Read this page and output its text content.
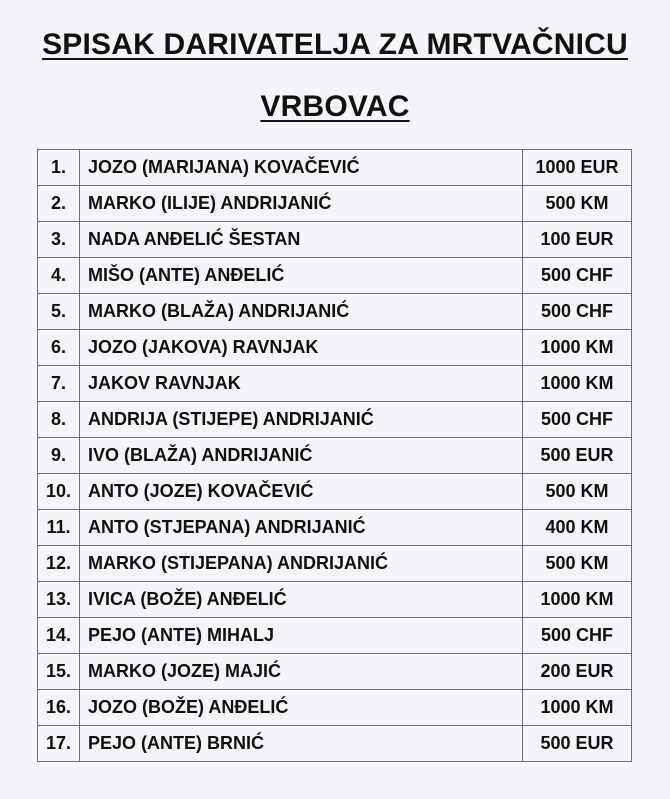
SPISAK DARIVATELJA ZA MRTVAČNICU
VRBOVAC
1.	JOZO (MARIJANA) KOVAČEVIĆ	1000 EUR
2.	MARKO (ILIJE) ANDRIJANIĆ	500 KM
3.	NADA ANĐELIĆ ŠESTAN	100 EUR
4.	MIŠO (ANTE) ANĐELIĆ	500 CHF
5.	MARKO (BLAŽA) ANDRIJANIĆ	500 CHF
6.	JOZO (JAKOVA) RAVNJAK	1000 KM
7.	JAKOV RAVNJAK	1000 KM
8.	ANDRIJA (STIJEPE) ANDRIJANIĆ	500 CHF
9.	IVO (BLAŽA) ANDRIJANIĆ	500 EUR
10.	ANTO (JOZE) KOVAČEVIĆ	500 KM
11.	ANTO (STJEPANA) ANDRIJANIĆ	400 KM
12.	MARKO (STIJEPANA) ANDRIJANIĆ	500 KM
13.	IVICA (BOŽE) ANĐELIĆ	1000 KM
14.	PEJO (ANTE) MIHALJ	500 CHF
15.	MARKO (JOZE) MAJIĆ	200 EUR
16.	JOZO (BOŽE) ANĐELIĆ	1000 KM
17.	PEJO (ANTE) BRNIĆ	500 EUR
